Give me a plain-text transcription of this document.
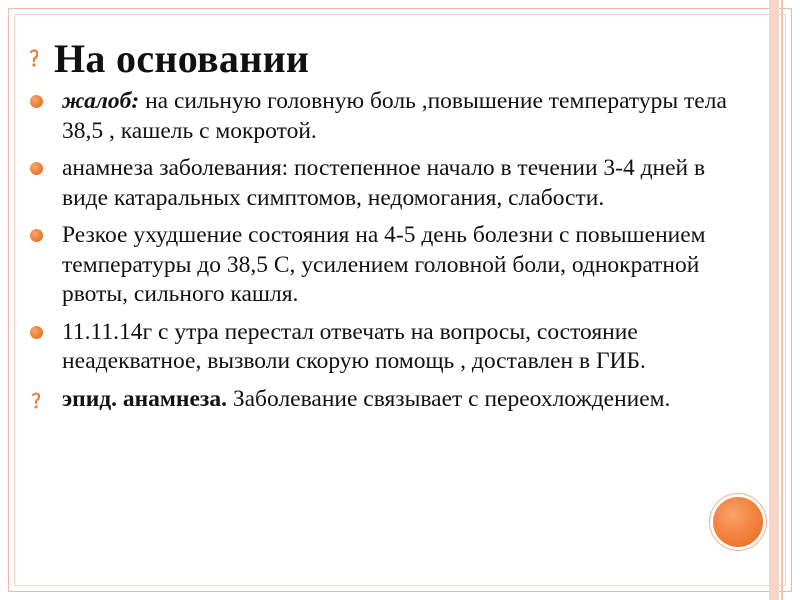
На основании
жалоб: на сильную головную боль ,повышение температуры тела 38,5 , кашель с мокротой.
анамнеза заболевания: постепенное начало в течении 3-4 дней в виде катаральных симптомов, недомогания, слабости.
Резкое ухудшение состояния на 4-5 день болезни с повышением температуры до 38,5 С, усилением головной боли, однократной рвоты, сильного кашля.
11.11.14г с утра перестал отвечать на вопросы, состояние неадекватное, вызволи скорую помощь , доставлен в ГИБ.
эпид. анамнеза. Заболевание связывает с переохлождением.
